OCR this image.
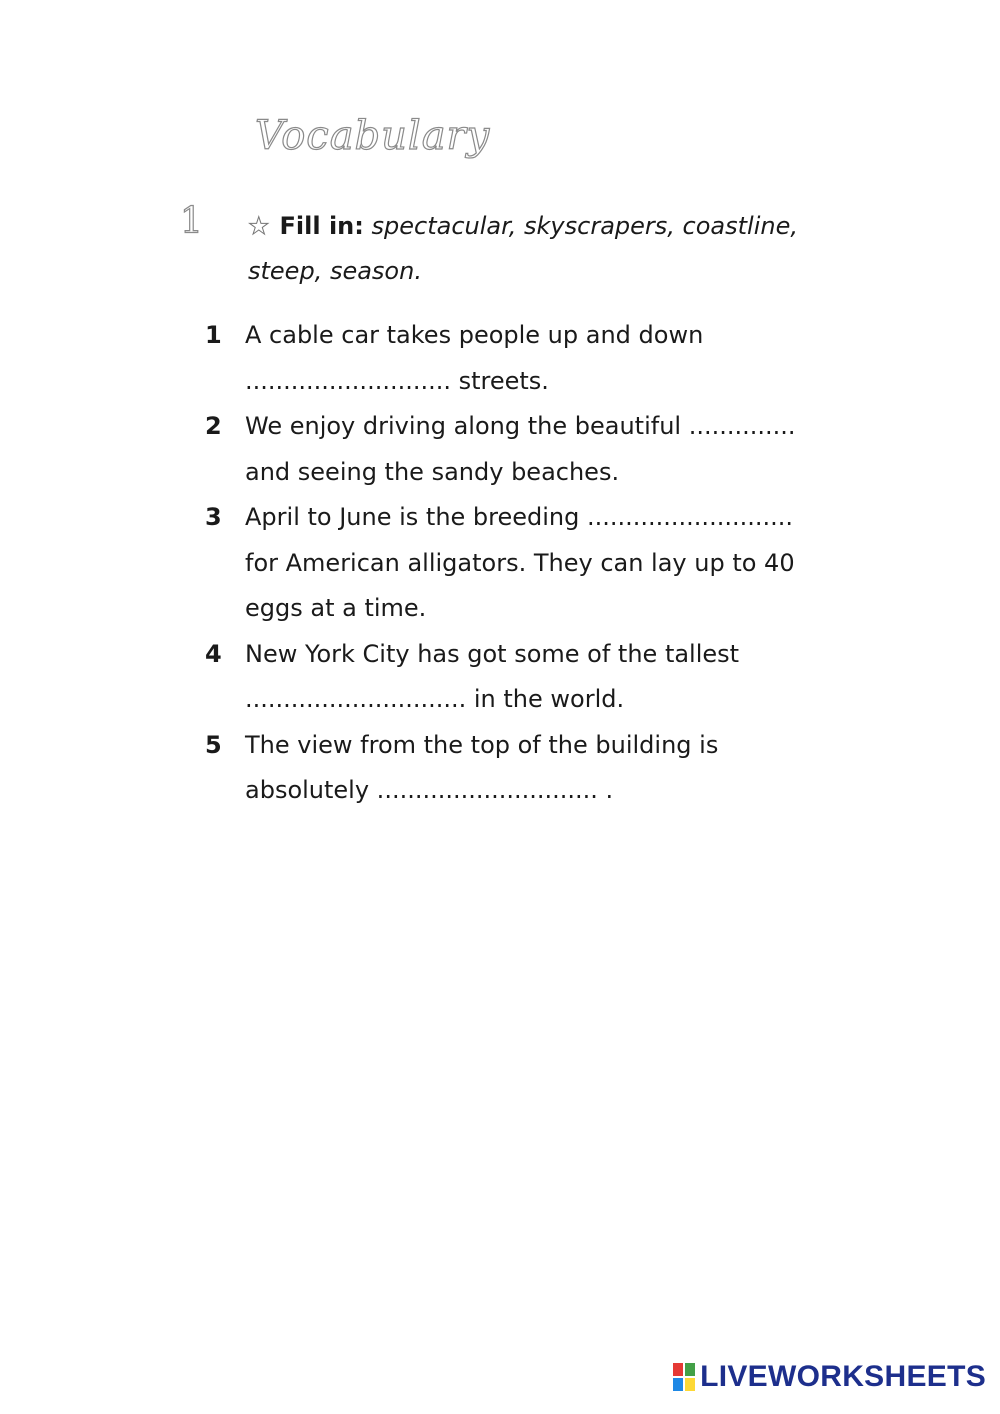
Vocabulary
1 ★ Fill in: spectacular, skyscrapers, coastline, steep, season.
1 A cable car takes people up and down
........................... streets.
2 We enjoy driving along the beautiful ..............
and seeing the sandy beaches.
3 April to June is the breeding ...........................
for American alligators. They can lay up to 40
eggs at a time.
4 New York City has got some of the tallest
............................. in the world.
5 The view from the top of the building is
absolutely ............................. .
LIVEWORKSHEETS
